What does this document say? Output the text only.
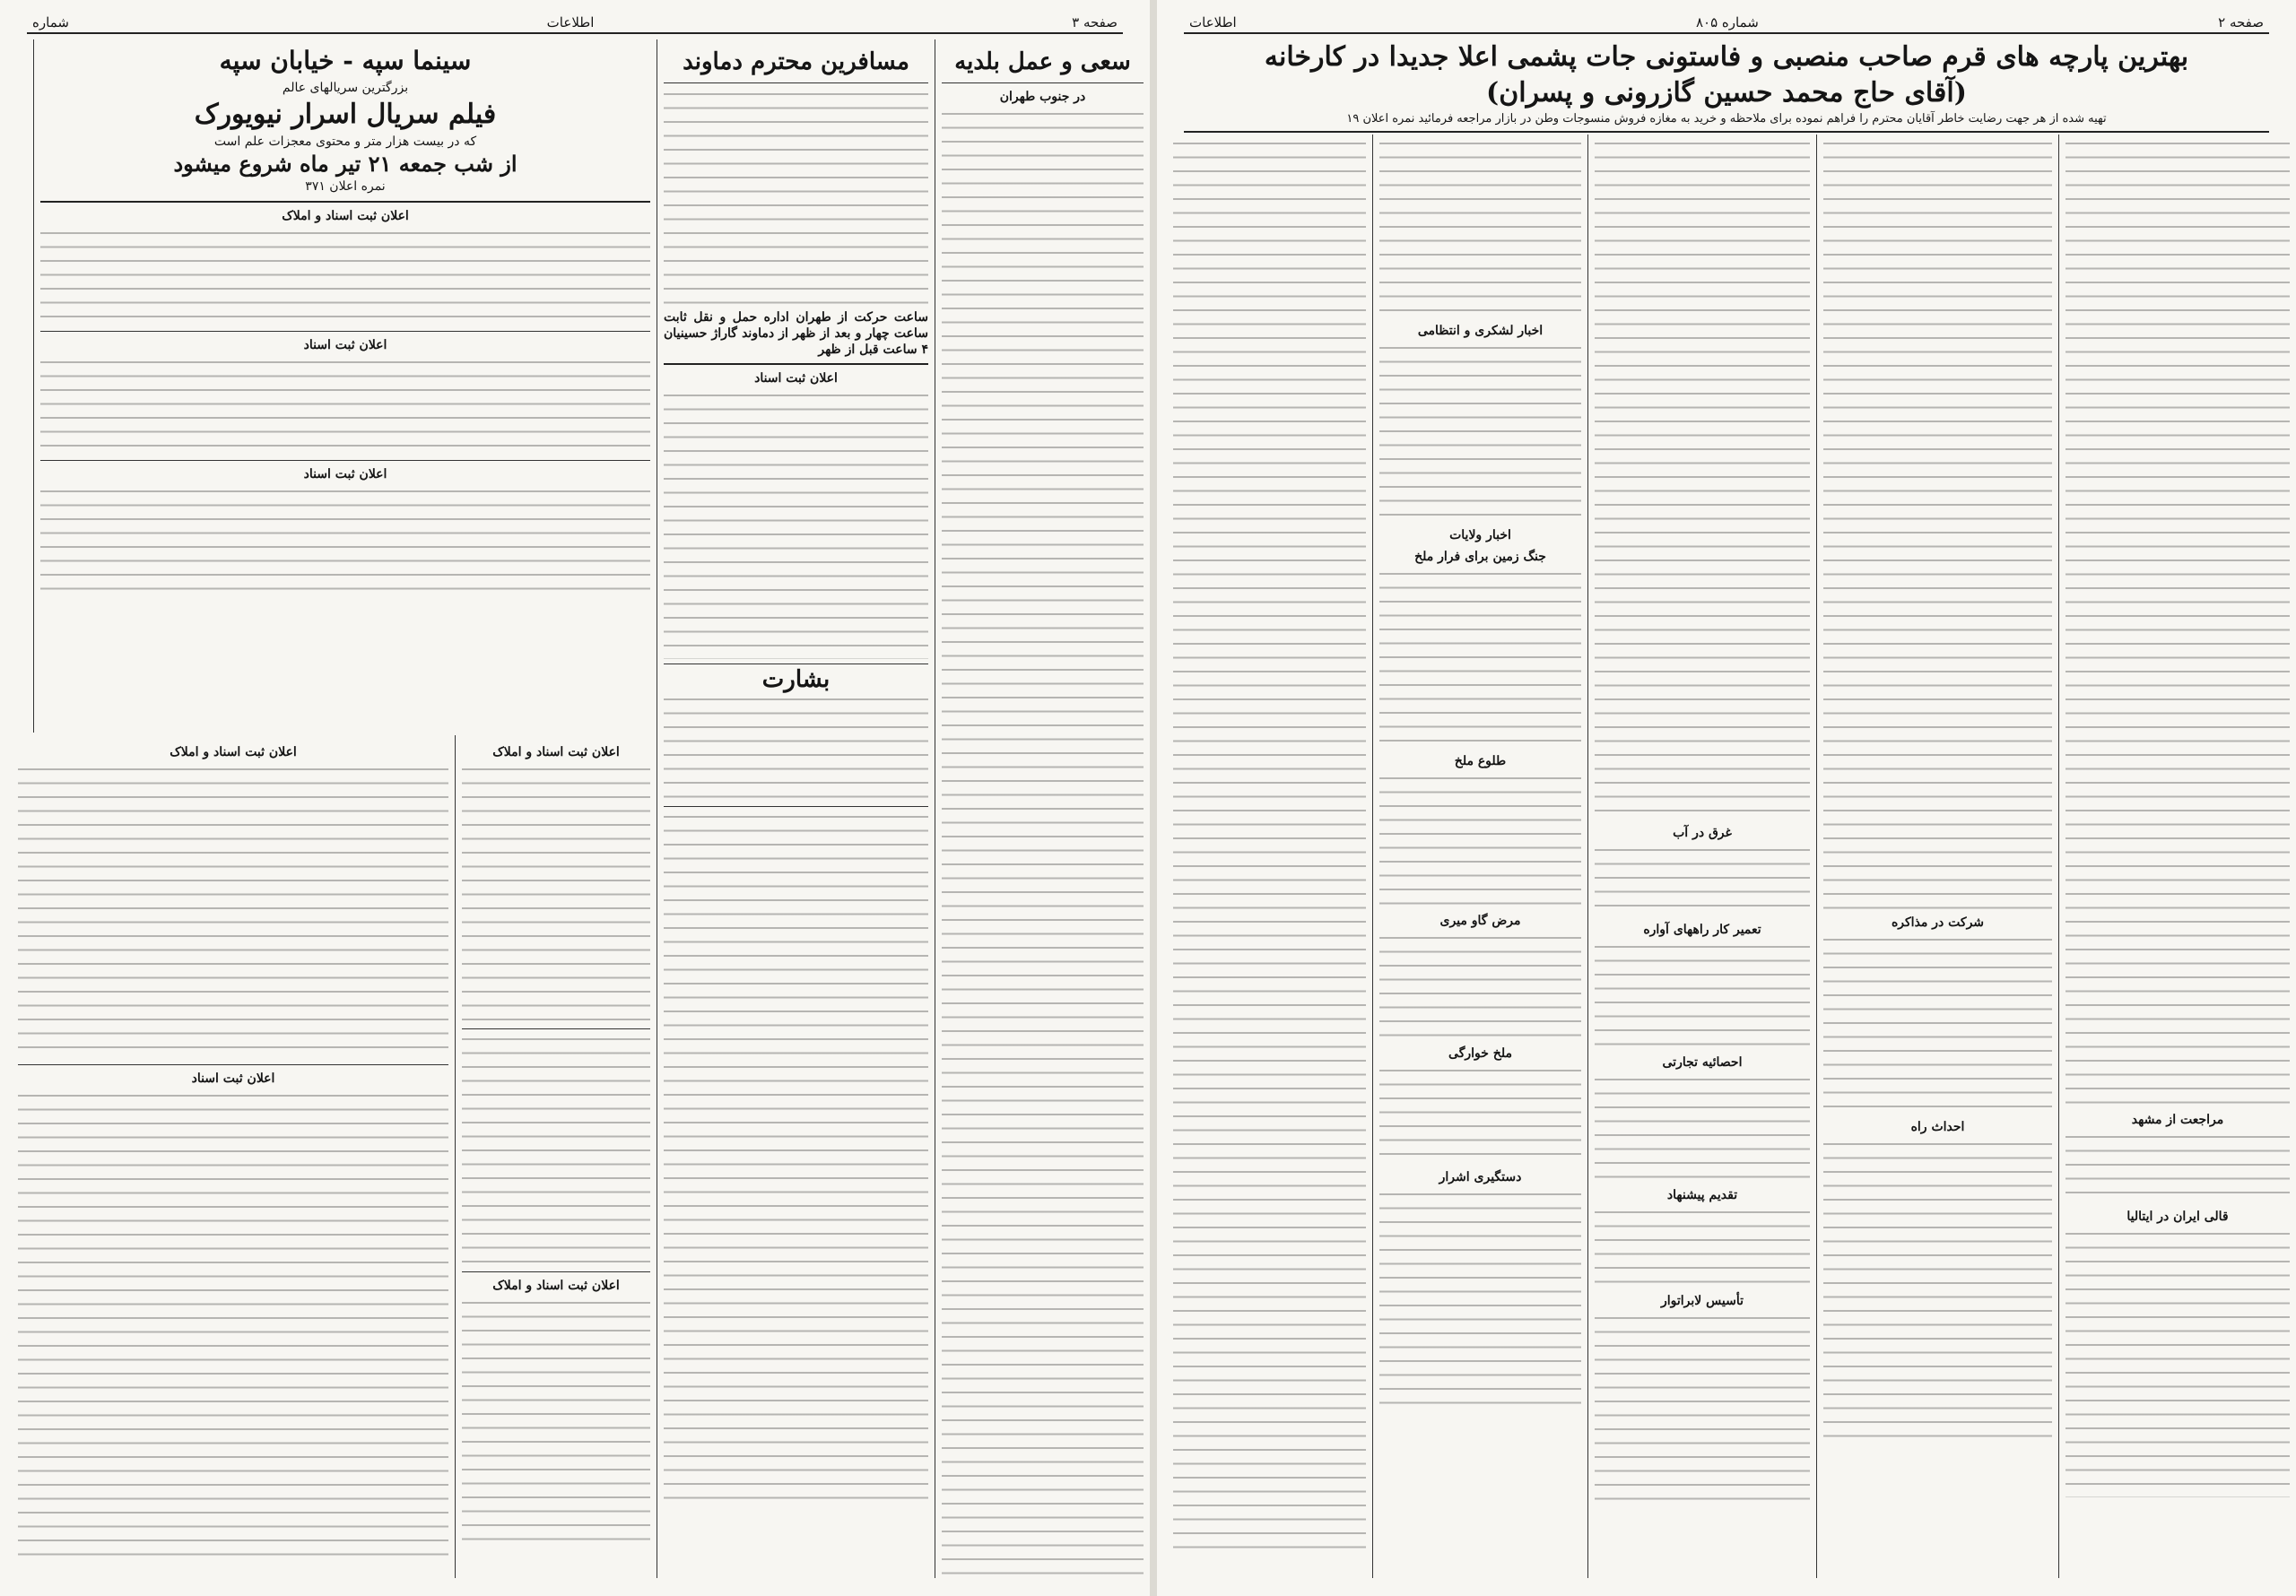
صفحه ۳
اطلاعات
شماره
سعی و عمل بلدیه
در جنوب طهران
مسافرین محترم دماوند
ساعت حرکت از طهران اداره حمل و نقل ثابت ساعت چهار و بعد از ظهر از دماوند گاراژ حسینیان ۴ ساعت قبل از ظهر
اعلان ثبت اسناد
بشارت
اعلان ثبت اسناد و املاک
اعلان ثبت اسناد و املاک
سینما سپه - خیابان سپه
بزرگترین سریالهای عالم
فیلم سریال اسرار نیویورک
که در بیست هزار متر و محتوی معجزات علم است
از شب جمعه ۲۱ تیر ماه شروع میشود
نمره اعلان ۳۷۱
اعلان ثبت اسناد و املاک
اعلان ثبت اسناد
اعلان ثبت اسناد
اعلان ثبت اسناد و املاک
اعلان ثبت اسناد
صفحه ۲
شماره ۸۰۵
اطلاعات
بهترین پارچه های قرم صاحب منصبی و فاستونی جات پشمی اعلا جدیدا در کارخانه
(آقای حاج محمد حسین گازرونی و پسران)
تهیه شده از هر جهت رضایت خاطر آقایان محترم را فراهم نموده برای ملاحظه و خرید به مغازه فروش منسوجات وطن در بازار مراجعه فرمائید نمره اعلان ۱۹
مراجعت از مشهد
قالی ایران در ایتالیا
شرکت در مذاکره
احداث راه
غرق در آب
تعمیر کار راههای آواره
احصائیه تجارتی
تقدیم پیشنهاد
تأسیس لابراتوار
اخبار لشکری و انتظامی
اخبار ولایات
جنگ زمین برای فرار ملخ
طلوع ملخ
مرض گاو میری
ملخ خوارگی
دستگیری اشرار
